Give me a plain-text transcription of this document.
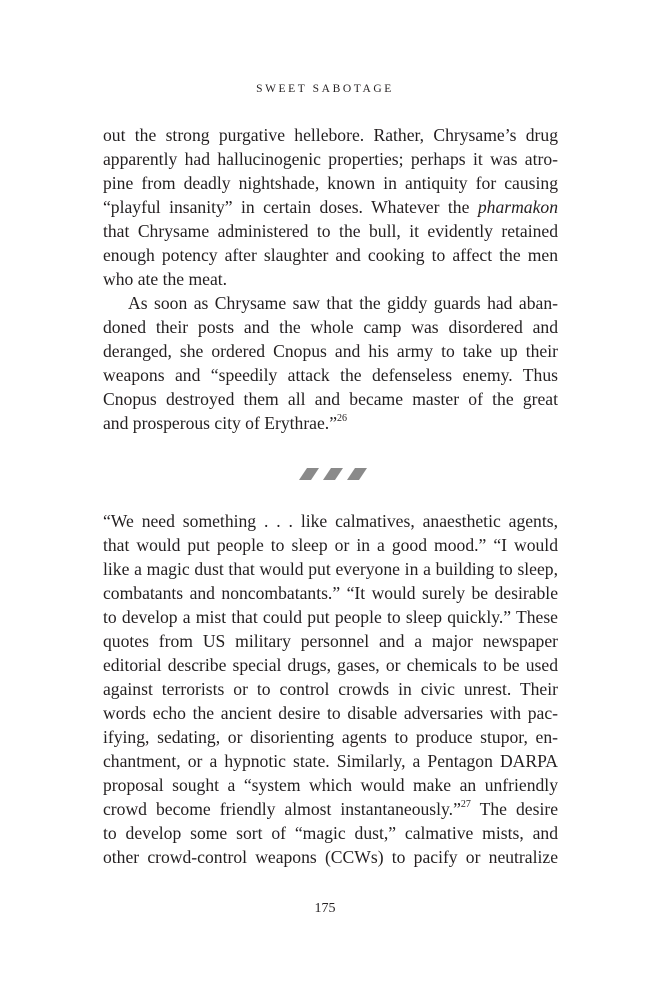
SWEET SABOTAGE
out the strong purgative hellebore. Rather, Chrysame’s drug
apparently had hallucinogenic properties; perhaps it was atro-
pine from deadly nightshade, known in antiquity for causing
“playful insanity” in certain doses. Whatever the pharmakon
that Chrysame administered to the bull, it evidently retained
enough potency after slaughter and cooking to affect the men
who ate the meat.
As soon as Chrysame saw that the giddy guards had aban-
doned their posts and the whole camp was disordered and
deranged, she ordered Cnopus and his army to take up their
weapons and “speedily attack the defenseless enemy. Thus
Cnopus destroyed them all and became master of the great
and prosperous city of Erythrae.”$^{26}$
“We need something . . . like calmatives, anaesthetic agents,
that would put people to sleep or in a good mood.” “I would
like a magic dust that would put everyone in a building to sleep,
combatants and noncombatants.” “It would surely be desirable
to develop a mist that could put people to sleep quickly.” These
quotes from US military personnel and a major newspaper
editorial describe special drugs, gases, or chemicals to be used
against terrorists or to control crowds in civic unrest. Their
words echo the ancient desire to disable adversaries with pac-
ifying, sedating, or disorienting agents to produce stupor, en-
chantment, or a hypnotic state. Similarly, a Pentagon DARPA
proposal sought a “system which would make an unfriendly
crowd become friendly almost instantaneously.”$^{27}$ The desire
to develop some sort of “magic dust,” calmative mists, and
other crowd-control weapons (CCWs) to pacify or neutralize
175
